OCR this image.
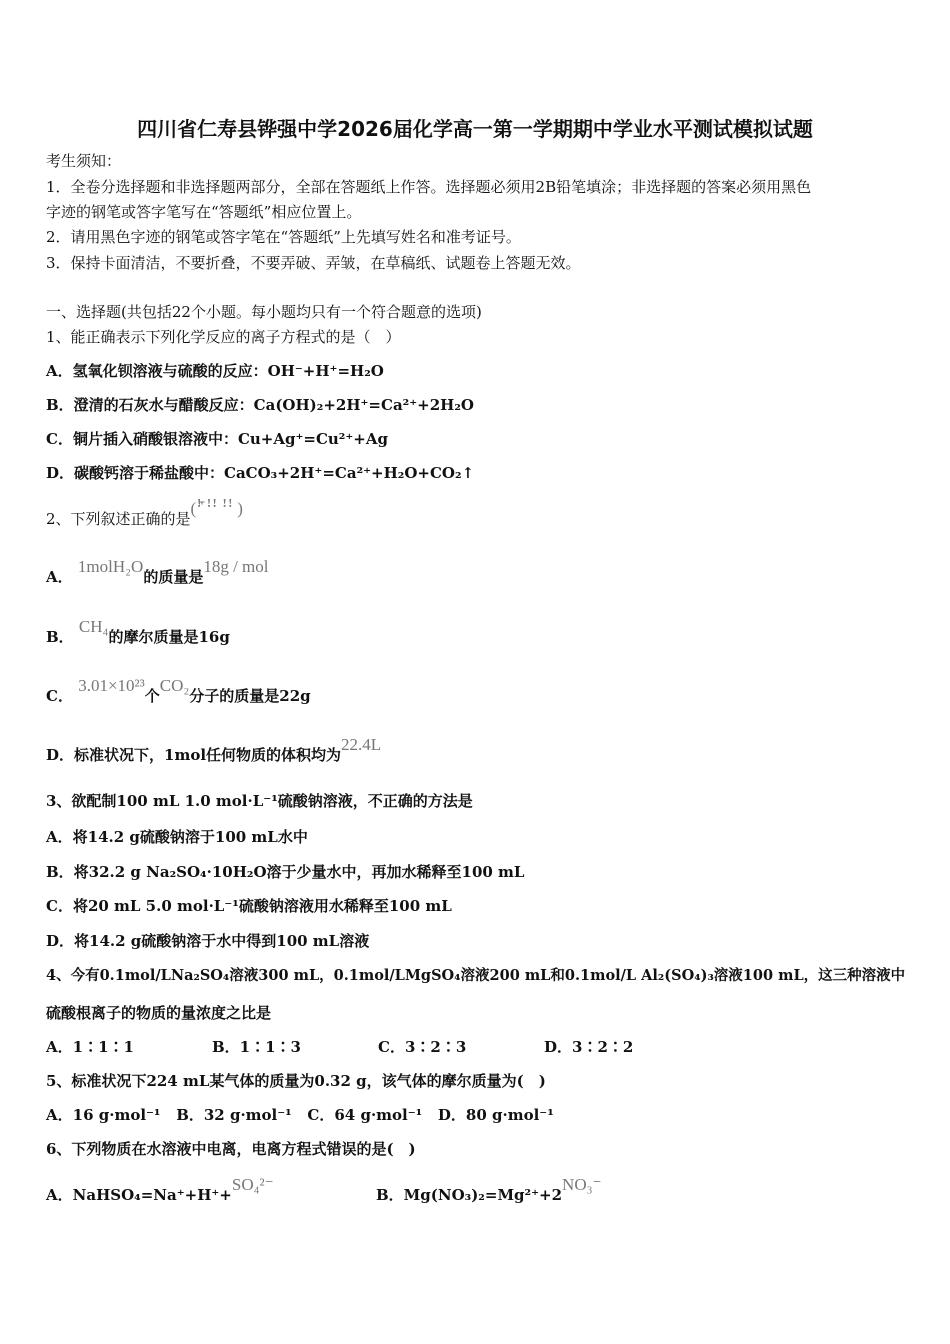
四川省仁寿县铧强中学2026届化学高一第一学期期中学业水平测试模拟试题
考生须知：
1．全卷分选择题和非选择题两部分，全部在答题纸上作答。选择题必须用2B铅笔填涂；非选择题的答案必须用黑色
字迹的钢笔或答字笔写在“答题纸”相应位置上。
2．请用黑色字迹的钢笔或答字笔在“答题纸”上先填写姓名和准考证号。
3．保持卡面清洁，不要折叠，不要弄破、弄皱，在草稿纸、试题卷上答题无效。
一、选择题(共包括22个小题。每小题均只有一个符合题意的选项)
1、能正确表示下列化学反应的离子方程式的是（　）
A．氢氧化钡溶液与硫酸的反应：OH⁻+H⁺=H₂O
B．澄清的石灰水与醋酸反应：Ca(OH)₂+2H⁺=Ca²⁺+2H₂O
C．铜片插入硝酸银溶液中：Cu+Ag⁺=Cu²⁺+Ag
D．碳酸钙溶于稀盐酸中：CaCO₃+2H⁺=Ca²⁺+H₂O+CO₂↑
2、下列叙述正确的是(ꜝ꜠ ꜝꜝ ꜝꜝ )
A． 1molH₂O的质量是18g / mol
B． CH₄的摩尔质量是16g
C． 3.01×10²³个CO₂分子的质量是22g
D．标准状况下，1mol任何物质的体积均为22.4L
3、欲配制100 mL 1.0 mol·L⁻¹硫酸钠溶液，不正确的方法是
A．将14.2 g硫酸钠溶于100 mL水中
B．将32.2 g Na₂SO₄·10H₂O溶于少量水中，再加水稀释至100 mL
C．将20 mL 5.0 mol·L⁻¹硫酸钠溶液用水稀释至100 mL
D．将14.2 g硫酸钠溶于水中得到100 mL溶液
4、今有0.1mol/LNa₂SO₄溶液300 mL，0.1mol/LMgSO₄溶液200 mL和0.1mol/L Al₂(SO₄)₃溶液100 mL，这三种溶液中
硫酸根离子的物质的量浓度之比是
A．1∶1∶1	B．1∶1∶3	C．3∶2∶3	D．3∶2∶2
5、标准状况下224 mL某气体的质量为0.32 g，该气体的摩尔质量为(　)
A．16 g·mol⁻¹ B．32 g·mol⁻¹ C．64 g·mol⁻¹ D．80 g·mol⁻¹
6、下列物质在水溶液中电离，电离方程式错误的是(　)
A．NaHSO₄=Na⁺+H⁺+SO₄²⁻B．Mg(NO₃)₂=Mg²⁺+2NO₃⁻
